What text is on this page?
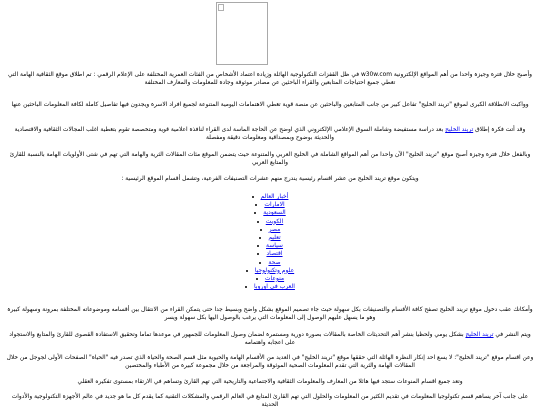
وأصبح خلال فترة وجيزة واحدا من أهم المواقع الإلكترونية w30w.com في ظل القفزات التكنولوجية الهائلة وزيادة اعتماد الأشخاص من الفئات العمرية المختلفة على الإعلام الرقمي : تم اطلاق موقع الثقافية الهامة التي تغطي جميع احتياجات المتابعين والقراء الباحثين عن مصادر موثوقة وجادة للمعلومات والمعارف المختلفة

وواكبت الانطلاقة الكبرى لموقع "تريند الخليج" تفاعل كبير من جانب المتابعين والباحثين عن منصة قوية تغطي الاهتمامات اليومية المتنوعة لجميع افراد الاسرة ويجدون فيها تفاصيل كاملة لكافة المعلومات الباحثين عنها

وقد أتت فكرة إطلاق تريند الخليج بعد دراسة مستفيضة وشاملة السوق الإعلامي الإلكتروني الذي اوضح عن الحاجة الماسة لدى القراء لنافذة اعلامية قوية ومتخصصة تقوم بتغطية اغلب المجالات الثقافية والاقتصادية والحديثة بوضوح وبمصداقية ومعلومات دقيقة ومفصلة

وبالفعل خلال فترة وجيزة أصبح موقع "تريند الخليج" الآن واحدا من أهم المواقع الشاملة في الخليج العربي والمتنوعة حيث يتضمن الموقع مئات المقالات الثرية والهامة التي تهم في شتى الأولويات الهامة بالنسبة للقارئ والمتابع العربي

ويتكون موقع تريند الخليج من عشر اقسام رئيسية يندرج منهم عشرات التصنيفات الفرعية، وتشمل أقسام الموقع الرئيسية :

• أخبار العالم
• الامارات
• السعودية
• الكويت
• مصر
• تعليم
• سياسة
• اقتصاد
• صحة
• علوم وتكنولوجيا
• منوعات
• العرب في اوروبا

وأمكانك عقب دخول موقع تريند الخليج تصفح كافة الأقسام والتصنيفات بكل سهولة حيث جاء تصميم الموقع بشكل واضح وبسيط جدا حتى يتمكن القراء من الانتقال بين أقسامه وموضوعاته المختلفة بمرونة وسهولة كبيرة وهو ما يسهل عليهم الوصول إلى المعلومات التي يرغب بالوصول اليها بكل سهولة ويسر

ويتم النشر في تريند الخليج بشكل يومي ولحظيا بنشر أهم التحديثات الخاصة بالمقالات بصورة دورية ومستمرة لضمان وصول المعلومات للجمهور في موعدها تماما وتحقيق الاستفادة القصوى للقارئ والمتابع والاستجواد على اعجابه واهتمامه

وعن اقسام موقع "تريند الخليج": لا يسع احد إنكار النظرة الهائلة التي حققها موقع "تريند الخليج" في العديد من الأقسام الهامة والحيوية مثل قسم الصحة والحياة الذي تصدر فيه "الحياة" الصفحات الأولى لجوجل من خلال المقالات الهامة والثرية التي تقدم المعلومات الصحية الموثوقة والمراجعة من خلال مجموعة كبيرة من الأطباء والمختصين

وتعد جميع اقسام المنوعات ستجد فيها هائلا من المعارف والمعلومات الثقافية والاجتماعية والتاريخية التي تهم القارئ وتساهم في الارتقاء بمستوى تفكيره العقلي

على جانب آخر يساهم قسم تكنولوجيا المعلومات في تقديم الكثير من المعلومات والحلول التي تهم القارئ المتابع في العالم الرقمي والمشكلات التقنية كما يقدم كل ما هو جديد في عالم الأجهزة التكنولوجية والأدوات الحديثة
